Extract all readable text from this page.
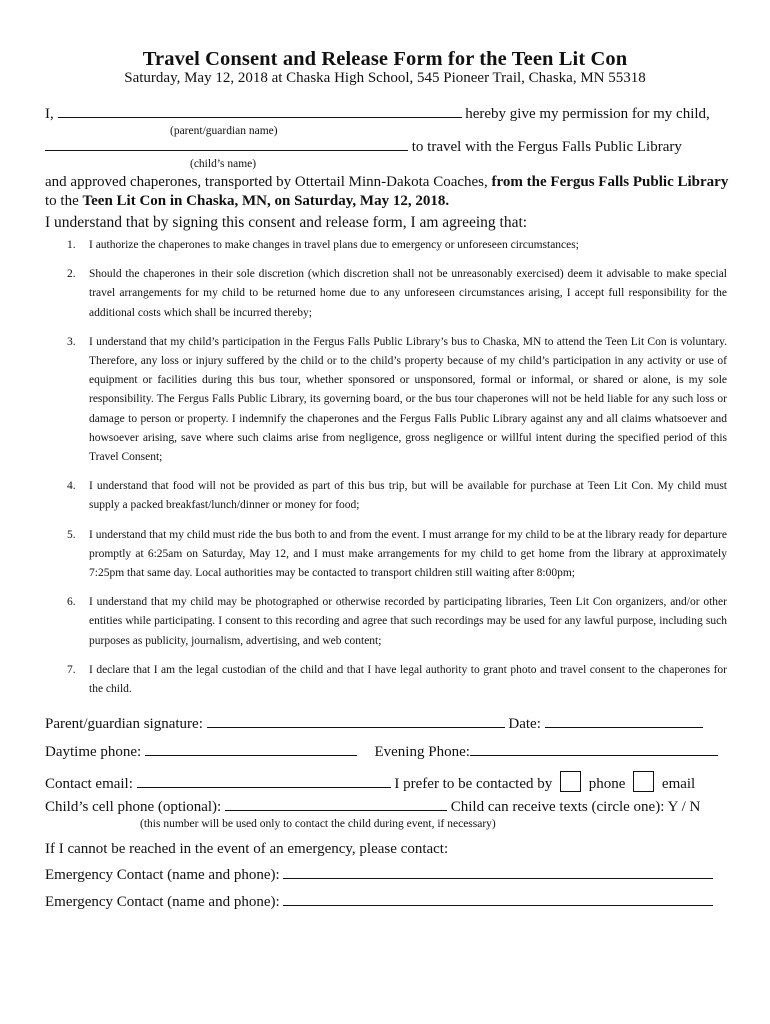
Travel Consent and Release Form for the Teen Lit Con
Saturday, May 12, 2018 at Chaska High School, 545 Pioneer Trail, Chaska, MN 55318
I,	hereby give my permission for my child,
(parent/guardian name)
to travel with the Fergus Falls Public Library
(child’s name)
and approved chaperones, transported by Ottertail Minn-Dakota Coaches, from the Fergus Falls Public Library to the Teen Lit Con in Chaska, MN, on Saturday, May 12, 2018.
I understand that by signing this consent and release form, I am agreeing that:
1. I authorize the chaperones to make changes in travel plans due to emergency or unforeseen circumstances;
2. Should the chaperones in their sole discretion (which discretion shall not be unreasonably exercised) deem it advisable to make special travel arrangements for my child to be returned home due to any unforeseen circumstances arising, I accept full responsibility for the additional costs which shall be incurred thereby;
3. I understand that my child’s participation in the Fergus Falls Public Library’s bus to Chaska, MN to attend the Teen Lit Con is voluntary. Therefore, any loss or injury suffered by the child or to the child’s property because of my child’s participation in any activity or use of equipment or facilities during this bus tour, whether sponsored or unsponsored, formal or informal, or shared or alone, is my sole responsibility. The Fergus Falls Public Library, its governing board, or the bus tour chaperones will not be held liable for any such loss or damage to person or property. I indemnify the chaperones and the Fergus Falls Public Library against any and all claims whatsoever and howsoever arising, save where such claims arise from negligence, gross negligence or willful intent during the specified period of this Travel Consent;
4. I understand that food will not be provided as part of this bus trip, but will be available for purchase at Teen Lit Con. My child must supply a packed breakfast/lunch/dinner or money for food;
5. I understand that my child must ride the bus both to and from the event. I must arrange for my child to be at the library ready for departure promptly at 6:25am on Saturday, May 12, and I must make arrangements for my child to get home from the library at approximately 7:25pm that same day. Local authorities may be contacted to transport children still waiting after 8:00pm;
6. I understand that my child may be photographed or otherwise recorded by participating libraries, Teen Lit Con organizers, and/or other entities while participating. I consent to this recording and agree that such recordings may be used for any lawful purpose, including such purposes as publicity, journalism, advertising, and web content;
7. I declare that I am the legal custodian of the child and that I have legal authority to grant photo and travel consent to the chaperones for the child.
Parent/guardian signature:	Date:
Daytime phone:	Evening Phone:
Contact email:	I prefer to be contacted by phone email
Child’s cell phone (optional):	Child can receive texts (circle one): Y / N
(this number will be used only to contact the child during event, if necessary)
If I cannot be reached in the event of an emergency, please contact:
Emergency Contact (name and phone):
Emergency Contact (name and phone):
